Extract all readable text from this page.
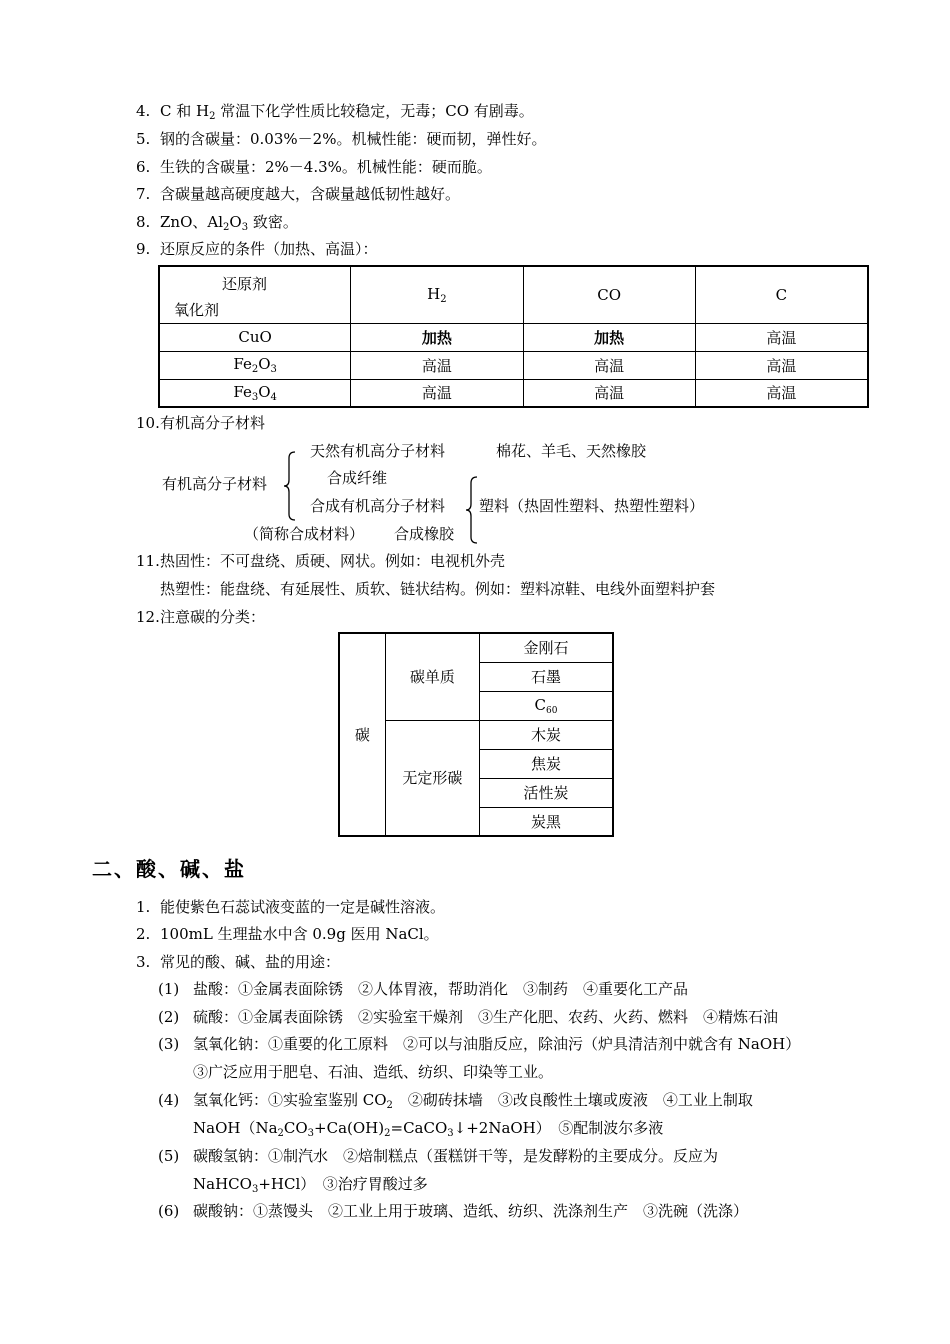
4. C 和 $H_2$ 常温下化学性质比较稳定，无毒；CO 有剧毒。
5. 钢的含碳量：0.03%－2%。机械性能：硬而韧，弹性好。
6. 生铁的含碳量：2%－4.3%。机械性能：硬而脆。
7. 含碳量越高硬度越大，含碳量越低韧性越好。
8. ZnO、$Al_2O_3$ 致密。
9. 还原反应的条件（加热、高温）：
还原剂
氧化剂	$H_2$	CO	C
CuO	加热	加热	高温
$Fe_2O_3$	高温	高温	高温
$Fe_3O_4$	高温	高温	高温
10.有机高分子材料
有机高分子材料
（简称合成材料）
天然有机高分子材料	棉花、羊毛、天然橡胶
合成纤维
合成有机高分子材料 塑料（热固性塑料、热塑性塑料）
合成橡胶
11.热固性：不可盘绕、质硬、网状。例如：电视机外壳
热塑性：能盘绕、有延展性、质软、链状结构。例如：塑料凉鞋、电线外面塑料护套
12.注意碳的分类：
碳	碳单质	金刚石
		石墨
		$C_{60}$
	无定形碳	木炭
		焦炭
		活性炭
		炭黑
二、酸、碱、盐
1. 能使紫色石蕊试液变蓝的一定是碱性溶液。
2. 100mL 生理盐水中含 0.9g 医用 NaCl。
3. 常见的酸、碱、盐的用途：
(1) 盐酸：①金属表面除锈　②人体胃液，帮助消化　③制药　④重要化工产品
(2) 硫酸：①金属表面除锈　②实验室干燥剂　③生产化肥、农药、火药、燃料　④精炼石油
(3) 氢氧化钠：①重要的化工原料　②可以与油脂反应，除油污（炉具清洁剂中就含有 NaOH）
③广泛应用于肥皂、石油、造纸、纺织、印染等工业。
(4) 氢氧化钙：①实验室鉴别 $CO_2$　②砌砖抹墙　③改良酸性土壤或废液　④工业上制取
$NaOH(Na_2CO_3+Ca(OH)_2=CaCO_3↓+2NaOH)$　⑤配制波尔多液
(5) 碳酸氢钠：①制汽水　②焙制糕点（蛋糕饼干等，是发酵粉的主要成分。反应为
NaHCO$_3$+HCl）　③治疗胃酸过多
(6) 碳酸钠：①蒸馒头　②工业上用于玻璃、造纸、纺织、洗涤剂生产　③洗碗（洗涤）
